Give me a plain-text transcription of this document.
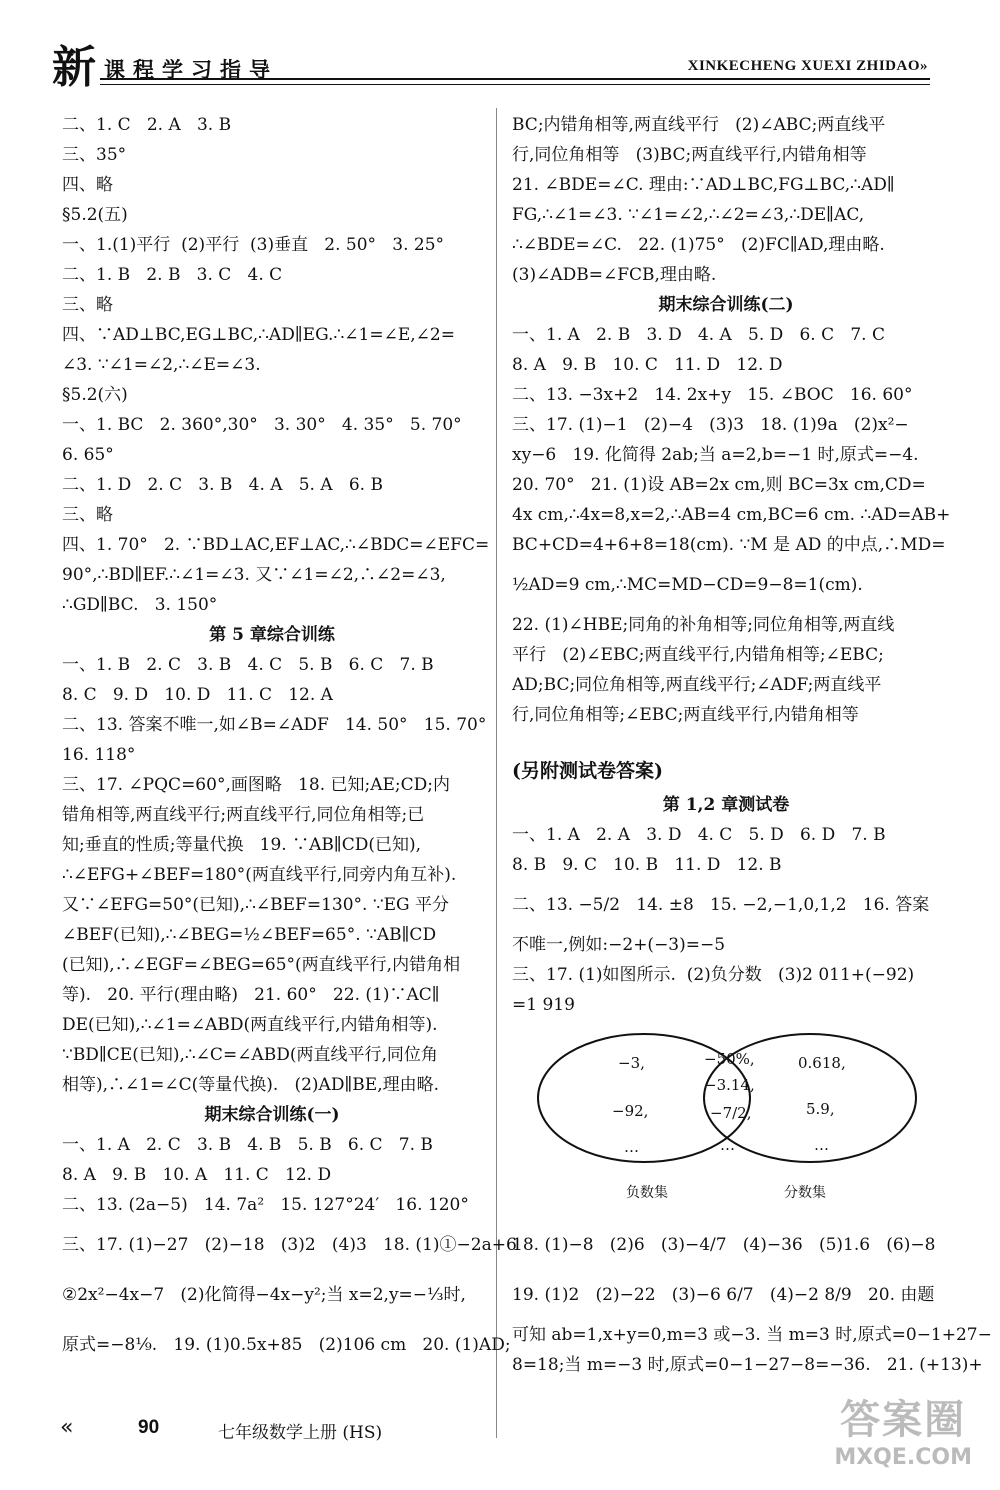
新 课程学习指导	XINKECHENG XUEXI ZHIDAO»
二、1. C   2. A   3. B
三、35°
四、略
§5.2(五)
一、1.(1)平行  (2)平行  (3)垂直   2. 50°   3. 25°
二、1. B   2. B   3. C   4. C
三、略
四、∵AD⊥BC,EG⊥BC,∴AD∥EG.∴∠1=∠E,∠2=
∠3. ∵∠1=∠2,∴∠E=∠3.
§5.2(六)
一、1. BC   2. 360°,30°   3. 30°   4. 35°   5. 70°
6. 65°
二、1. D   2. C   3. B   4. A   5. A   6. B
三、略
四、1. 70°   2. ∵BD⊥AC,EF⊥AC,∴∠BDC=∠EFC=
90°,∴BD∥EF.∴∠1=∠3. 又∵∠1=∠2,∴∠2=∠3,
∴GD∥BC.   3. 150°
第 5 章综合训练
一、1. B   2. C   3. B   4. C   5. B   6. C   7. B
8. C   9. D   10. D   11. C   12. A
二、13. 答案不唯一,如∠B=∠ADF   14. 50°   15. 70°
16. 118°
三、17. ∠PQC=60°,画图略   18. 已知;AE;CD;内
错角相等,两直线平行;两直线平行,同位角相等;已
知;垂直的性质;等量代换   19. ∵AB∥CD(已知),
∴∠EFG+∠BEF=180°(两直线平行,同旁内角互补).
又∵∠EFG=50°(已知),∴∠BEF=130°. ∵EG 平分
∠BEF(已知),∴∠BEG=½∠BEF=65°. ∵AB∥CD
(已知),∴∠EGF=∠BEG=65°(两直线平行,内错角相
等).   20. 平行(理由略)   21. 60°   22. (1)∵AC∥
DE(已知),∴∠1=∠ABD(两直线平行,内错角相等).
∵BD∥CE(已知),∴∠C=∠ABD(两直线平行,同位角
相等),∴∠1=∠C(等量代换).   (2)AD∥BE,理由略.
期末综合训练(一)
一、1. A   2. C   3. B   4. B   5. B   6. C   7. B
8. A   9. B   10. A   11. C   12. D
二、13. (2a−5)   14. 7a²   15. 127°24′   16. 120°
三、17. (1)−27   (2)−18   (3)2   (4)3   18. (1)①−2a+6
②2x²−4x−7   (2)化简得−4x−y²;当 x=2,y=−⅓时,
原式=−8⅑.   19. (1)0.5x+85   (2)106 cm   20. (1)AD;
BC;内错角相等,两直线平行   (2)∠ABC;两直线平
行,同位角相等   (3)BC;两直线平行,内错角相等
21. ∠BDE=∠C. 理由:∵AD⊥BC,FG⊥BC,∴AD∥
FG,∴∠1=∠3. ∵∠1=∠2,∴∠2=∠3,∴DE∥AC,
∴∠BDE=∠C.   22. (1)75°   (2)FC∥AD,理由略.
(3)∠ADB=∠FCB,理由略.
期末综合训练(二)
一、1. A   2. B   3. D   4. A   5. D   6. C   7. C
8. A   9. B   10. C   11. D   12. D
二、13. −3x+2   14. 2x+y   15. ∠BOC   16. 60°
三、17. (1)−1   (2)−4   (3)3   18. (1)9a   (2)x²−
xy−6   19. 化简得 2ab;当 a=2,b=−1 时,原式=−4.
20. 70°   21. (1)设 AB=2x cm,则 BC=3x cm,CD=
4x cm,∴4x=8,x=2,∴AB=4 cm,BC=6 cm. ∴AD=AB+
BC+CD=4+6+8=18(cm). ∵M 是 AD 的中点,∴MD=
½AD=9 cm,∴MC=MD−CD=9−8=1(cm).
22. (1)∠HBE;同角的补角相等;同位角相等,两直线
平行   (2)∠EBC;两直线平行,内错角相等;∠EBC;
AD;BC;同位角相等,两直线平行;∠ADF;两直线平
行,同位角相等;∠EBC;两直线平行,内错角相等
(另附测试卷答案)
第 1,2 章测试卷
一、1. A   2. A   3. D   4. C   5. D   6. D   7. B
8. B   9. C   10. B   11. D   12. B
二、13. −5/2   14. ±8   15. −2,−1,0,1,2   16. 答案
不唯一,例如:−2+(−3)=−5
三、17. (1)如图所示.  (2)负分数   (3)2 011+(−92)
=1 919
−3,
−92,
…
−50%,
−3.14,
−7/2,
…
0.618,
5.9,
…
负数集	分数集
18. (1)−8   (2)6   (3)−4/7   (4)−36   (5)1.6   (6)−8
19. (1)2   (2)−22   (3)−6 6/7   (4)−2 8/9   20. 由题
可知 ab=1,x+y=0,m=3 或−3. 当 m=3 时,原式=0−1+27−
8=18;当 m=−3 时,原式=0−1−27−8=−36.   21. (+13)+
«	90	七年级数学上册 (HS)	答案圈
MXQE.COM
